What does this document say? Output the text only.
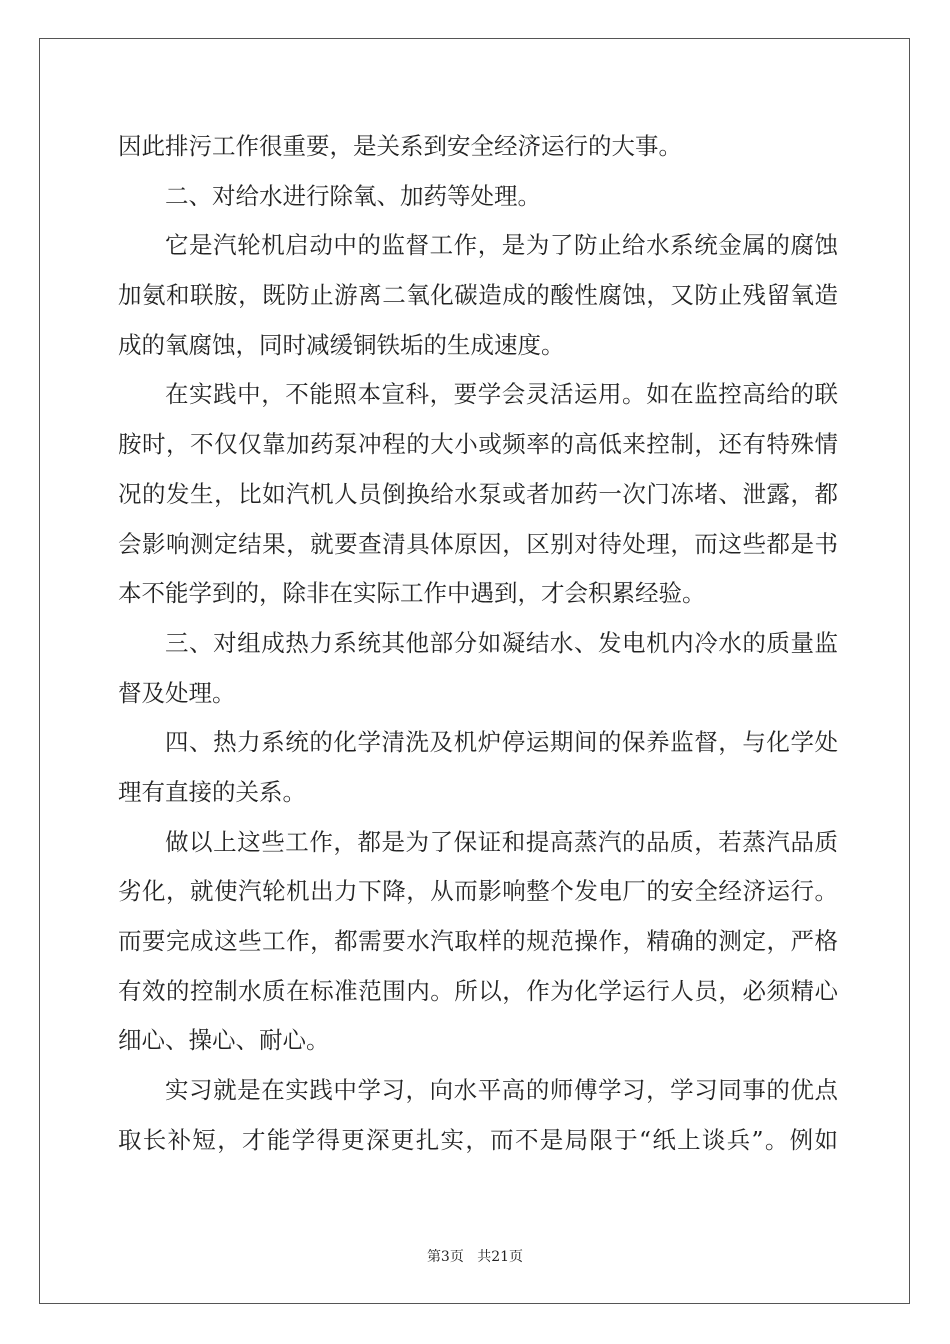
因此排污工作很重要，是关系到安全经济运行的大事。
二、对给水进行除氧、加药等处理。
它是汽轮机启动中的监督工作，是为了防止给水系统金属的腐蚀
加氨和联胺，既防止游离二氧化碳造成的酸性腐蚀，又防止残留氧造
成的氧腐蚀，同时减缓铜铁垢的生成速度。
在实践中，不能照本宣科，要学会灵活运用。如在监控高给的联
胺时，不仅仅靠加药泵冲程的大小或频率的高低来控制，还有特殊情
况的发生，比如汽机人员倒换给水泵或者加药一次门冻堵、泄露，都
会影响测定结果，就要查清具体原因，区别对待处理，而这些都是书
本不能学到的，除非在实际工作中遇到，才会积累经验。
三、对组成热力系统其他部分如凝结水、发电机内冷水的质量监
督及处理。
四、热力系统的化学清洗及机炉停运期间的保养监督，与化学处
理有直接的关系。
做以上这些工作，都是为了保证和提高蒸汽的品质，若蒸汽品质
劣化，就使汽轮机出力下降，从而影响整个发电厂的安全经济运行。
而要完成这些工作，都需要水汽取样的规范操作，精确的测定，严格
有效的控制水质在标准范围内。所以，作为化学运行人员，必须精心
细心、操心、耐心。
实习就是在实践中学习，向水平高的师傅学习，学习同事的优点
取长补短，才能学得更深更扎实，而不是局限于“纸上谈兵”。例如
第3页 共21页
